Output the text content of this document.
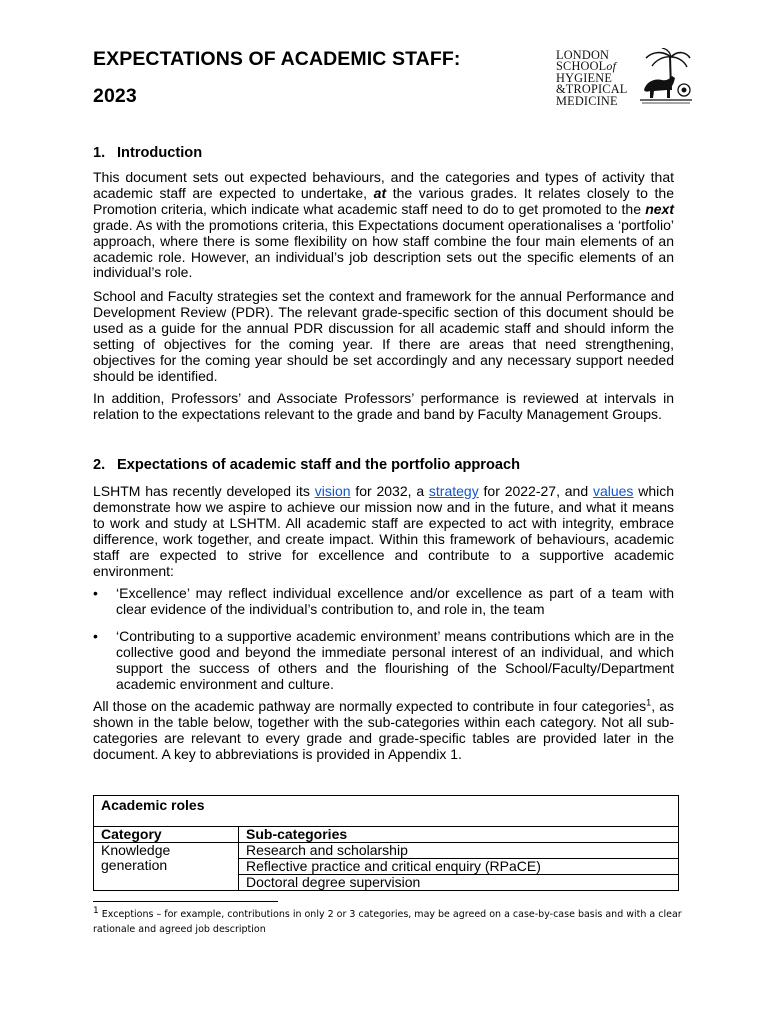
EXPECTATIONS OF ACADEMIC STAFF:
2023
LONDON
SCHOOLof
HYGIENE
&TROPICAL
MEDICINE
1. Introduction

This document sets out expected behaviours, and the categories and types of activity that academic staff are expected to undertake, at the various grades. It relates closely to the Promotion criteria, which indicate what academic staff need to do to get promoted to the next grade. As with the promotions criteria, this Expectations document operationalises a ‘portfolio’ approach, where there is some flexibility on how staff combine the four main elements of an academic role. However, an individual’s job description sets out the specific elements of an individual’s role.

School and Faculty strategies set the context and framework for the annual Performance and Development Review (PDR). The relevant grade-specific section of this document should be used as a guide for the annual PDR discussion for all academic staff and should inform the setting of objectives for the coming year. If there are areas that need strengthening, objectives for the coming year should be set accordingly and any necessary support needed should be identified.

In addition, Professors’ and Associate Professors’ performance is reviewed at intervals in relation to the expectations relevant to the grade and band by Faculty Management Groups.

2. Expectations of academic staff and the portfolio approach

LSHTM has recently developed its vision for 2032, a strategy for 2022-27, and values which demonstrate how we aspire to achieve our mission now and in the future, and what it means to work and study at LSHTM. All academic staff are expected to act with integrity, embrace difference, work together, and create impact. Within this framework of behaviours, academic staff are expected to strive for excellence and contribute to a supportive academic environment:

• ‘Excellence’ may reflect individual excellence and/or excellence as part of a team with clear evidence of the individual’s contribution to, and role in, the team
• ‘Contributing to a supportive academic environment’ means contributions which are in the collective good and beyond the immediate personal interest of an individual, and which support the success of others and the flourishing of the School/Faculty/Department academic environment and culture.

All those on the academic pathway are normally expected to contribute in four categories$^1$, as shown in the table below, together with the sub-categories within each category. Not all sub-categories are relevant to every grade and grade-specific tables are provided later in the document. A key to abbreviations is provided in Appendix 1.

Academic roles	
Category	Sub-categories
Knowledge generation	Research and scholarship
	Reflective practice and critical enquiry (RPaCE)
	Doctoral degree supervision

$^1$ Exceptions – for example, contributions in only 2 or 3 categories, may be agreed on a case-by-case basis and with a clear rationale and agreed job description
